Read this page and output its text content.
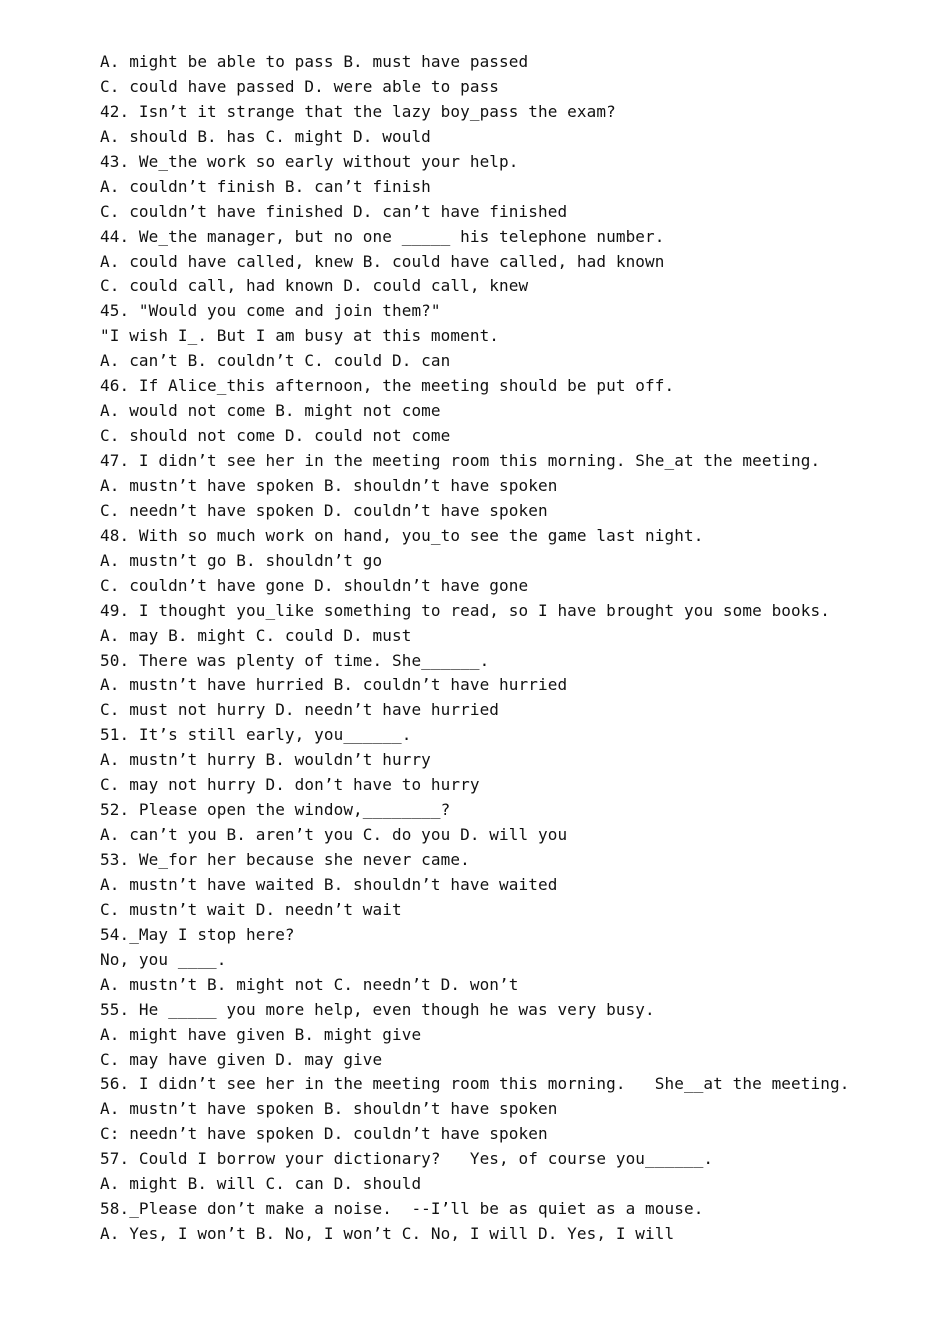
A. might be able to pass B. must have passed
C. could have passed D. were able to pass
42. Isn’t it strange that the lazy boy_pass the exam?
A. should B. has C. might D. would
43. We_the work so early without your help.
A. couldn’t finish B. can’t finish
C. couldn’t have finished D. can’t have finished
44. We_the manager, but no one _____ his telephone number.
A. could have called, knew B. could have called, had known
C. could call, had known D. could call, knew
45. "Would you come and join them?"
"I wish I_. But I am busy at this moment.
A. can’t B. couldn’t C. could D. can
46. If Alice_this afternoon, the meeting should be put off.
A. would not come B. might not come
C. should not come D. could not come
47. I didn’t see her in the meeting room this morning. She_at the meeting.
A. mustn’t have spoken B. shouldn’t have spoken
C. needn’t have spoken D. couldn’t have spoken
48. With so much work on hand, you_to see the game last night.
A. mustn’t go B. shouldn’t go
C. couldn’t have gone D. shouldn’t have gone
49. I thought you_like something to read, so I have brought you some books.
A. may B. might C. could D. must
50. There was plenty of time. She______.
A. mustn’t have hurried B. couldn’t have hurried
C. must not hurry D. needn’t have hurried
51. It’s still early, you______.
A. mustn’t hurry B. wouldn’t hurry
C. may not hurry D. don’t have to hurry
52. Please open the window,________?
A. can’t you B. aren’t you C. do you D. will you
53. We_for her because she never came.
A. mustn’t have waited B. shouldn’t have waited
C. mustn’t wait D. needn’t wait
54._May I stop here?
No, you ____.
A. mustn’t B. might not C. needn’t D. won’t
55. He _____ you more help, even though he was very busy.
A. might have given B. might give
C. may have given D. may give
56. I didn’t see her in the meeting room this morning.   She__at the meeting.
A. mustn’t have spoken B. shouldn’t have spoken
C: needn’t have spoken D. couldn’t have spoken
57. Could I borrow your dictionary?   Yes, of course you______.
A. might B. will C. can D. should
58._Please don’t make a noise.  --I’ll be as quiet as a mouse.
A. Yes, I won’t B. No, I won’t C. No, I will D. Yes, I will
